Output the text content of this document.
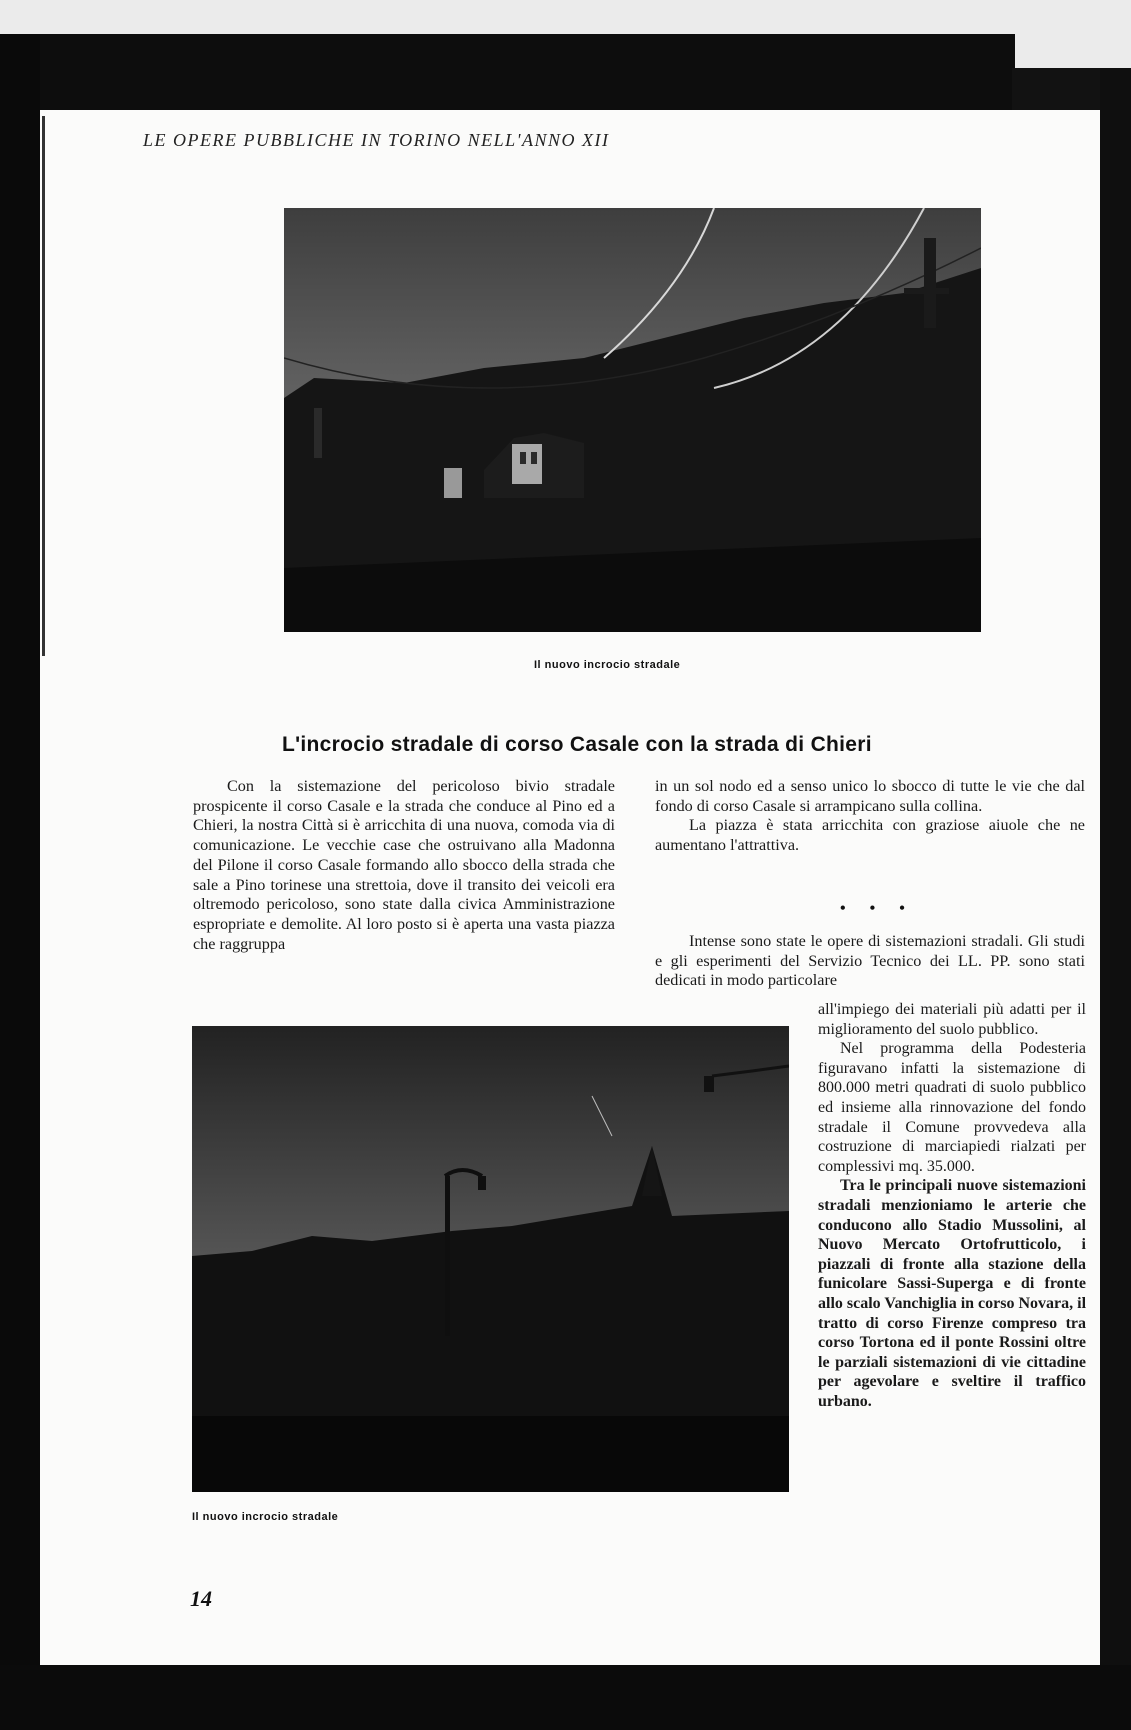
LE OPERE PUBBLICHE IN TORINO NELL'ANNO XII
Il nuovo incrocio stradale
L'incrocio stradale di corso Casale con la strada di Chieri

Con la sistemazione del pericoloso bivio stradale prospicente il corso Casale e la strada che conduce al Pino ed a Chieri, la nostra Città si è arricchita di una nuova, comoda via di comunicazione. Le vecchie case che ostruivano alla Madonna del Pilone il corso Casale formando allo sbocco della strada che sale a Pino torinese una strettoia, dove il transito dei veicoli era oltremodo pericoloso, sono state dalla civica Amministrazione espropriate e demolite. Al loro posto si è aperta una vasta piazza che raggruppa

in un sol nodo ed a senso unico lo sbocco di tutte le vie che dal fondo di corso Casale si arrampicano sulla collina.

La piazza è stata arricchita con graziose aiuole che ne aumentano l'attrattiva.

• • •

Intense sono state le opere di sistemazioni stradali. Gli studi e gli esperimenti del Servizio Tecnico dei LL. PP. sono stati dedicati in modo particolare

all'impiego dei materiali più adatti per il miglioramento del suolo pubblico.

Nel programma della Podesteria figuravano infatti la sistemazione di 800.000 metri quadrati di suolo pubblico ed insieme alla rinnovazione del fondo stradale il Comune provvedeva alla costruzione di marciapiedi rialzati per complessivi mq. 35.000.

Tra le principali nuove sistemazioni stradali menzioniamo le arterie che conducono allo Stadio Mussolini, al Nuovo Mercato Ortofrutticolo, i piazzali di fronte alla stazione della funicolare Sassi-Superga e di fronte allo scalo Vanchiglia in corso Novara, il tratto di corso Firenze compreso tra corso Tortona ed il ponte Rossini oltre le parziali sistemazioni di vie cittadine per agevolare e sveltire il traffico urbano.

Il nuovo incrocio stradale
14
